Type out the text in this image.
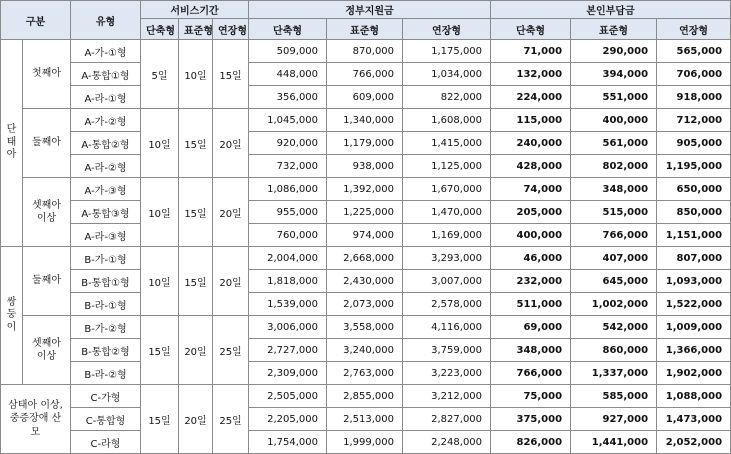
구분		유형	서비스기간			정부지원금			본인부담금		
			단축형	표준형	연장형	단축형	표준형	연장형	단축형	표준형	연장형
단
태
아	첫째아	A-가-①형	5일	10일	15일	509,000	870,000	1,175,000	71,000	290,000	565,000
		A-통합①형				448,000	766,000	1,034,000	132,000	394,000	706,000
		A-라-①형				356,000	609,000	822,000	224,000	551,000	918,000
	둘째아	A-가-②형	10일	15일	20일	1,045,000	1,340,000	1,608,000	115,000	400,000	712,000
		A-통합②형				920,000	1,179,000	1,415,000	240,000	561,000	905,000
		A-라-②형				732,000	938,000	1,125,000	428,000	802,000	1,195,000
	셋째아 이상	A-가-③형	10일	15일	20일	1,086,000	1,392,000	1,670,000	74,000	348,000	650,000
		A-통합③형				955,000	1,225,000	1,470,000	205,000	515,000	850,000
		A-라-③형				760,000	974,000	1,169,000	400,000	766,000	1,151,000
쌍
둥
이	둘째아	B-가-①형	10일	15일	20일	2,004,000	2,668,000	3,293,000	46,000	407,000	807,000
		B-통합①형				1,818,000	2,430,000	3,007,000	232,000	645,000	1,093,000
		B-라-①형				1,539,000	2,073,000	2,578,000	511,000	1,002,000	1,522,000
	셋째아 이상	B-가-②형	15일	20일	25일	3,006,000	3,558,000	4,116,000	69,000	542,000	1,009,000
		B-통합②형				2,727,000	3,240,000	3,759,000	348,000	860,000	1,366,000
		B-라-②형				2,309,000	2,763,000	3,223,000	766,000	1,337,000	1,902,000
삼태아 이상,
중증장애 산모		C-가형	15일	20일	25일	2,505,000	2,855,000	3,212,000	75,000	585,000	1,088,000
		C-통합형				2,205,000	2,513,000	2,827,000	375,000	927,000	1,473,000
		C-라형				1,754,000	1,999,000	2,248,000	826,000	1,441,000	2,052,000
